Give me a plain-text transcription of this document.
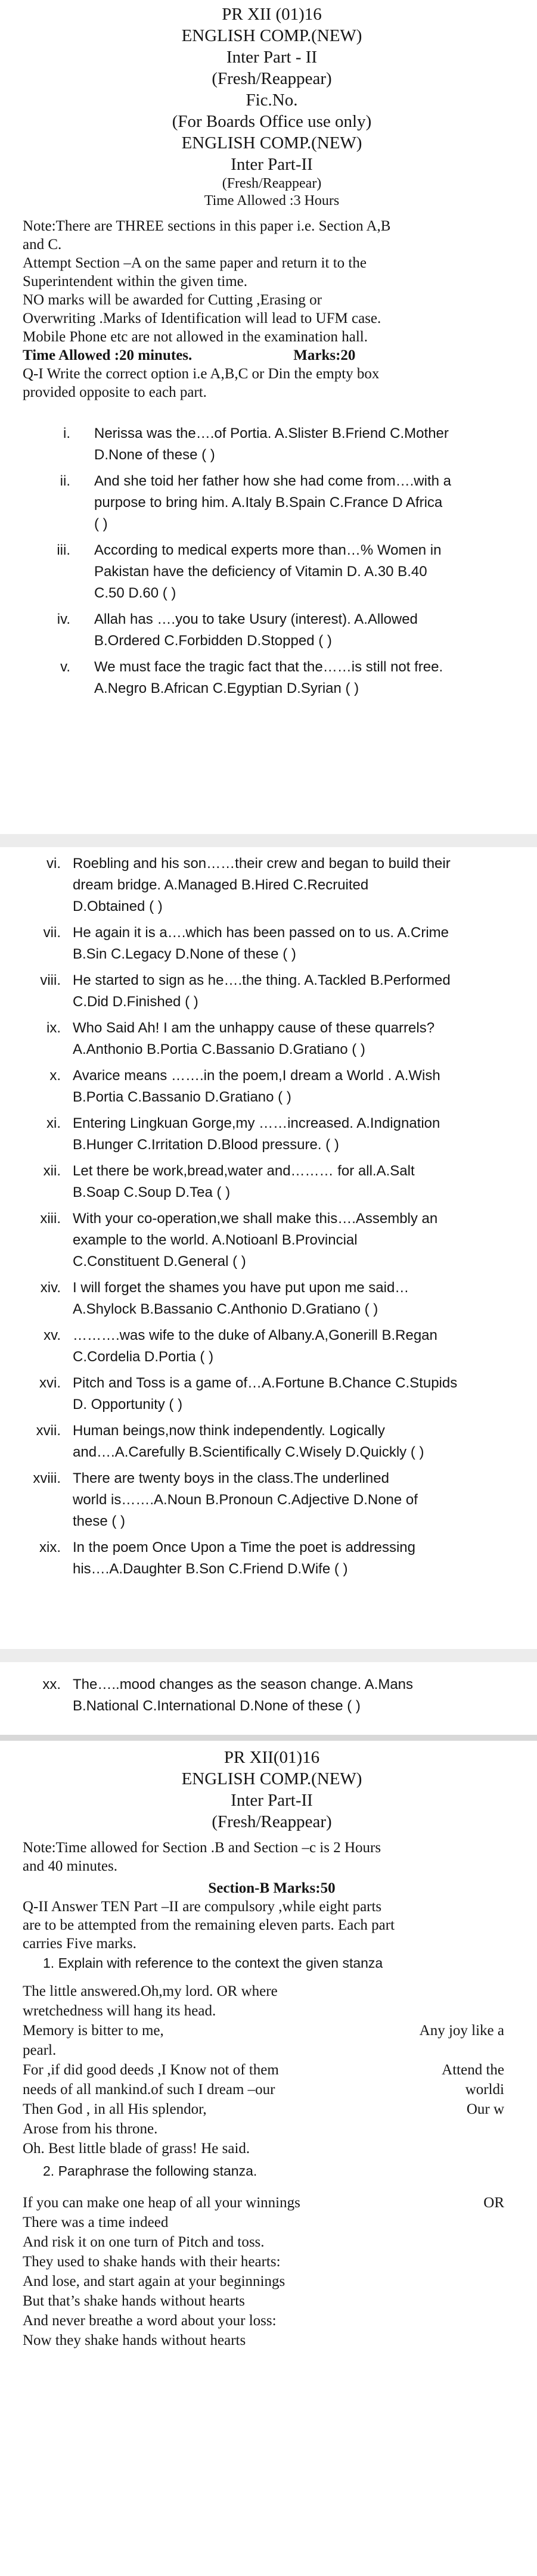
PR XII (01)16
ENGLISH COMP.(NEW)
Inter Part - II
(Fresh/Reappear)
Fic.No.
(For Boards Office use only)
ENGLISH COMP.(NEW)
Inter Part-II
(Fresh/Reappear)
Time Allowed :3 Hours
Note:There are THREE sections in this paper i.e. Section A,B
and C.
Attempt Section –A on the same paper and return it to the
Superintendent within the given time.
NO marks will be awarded for Cutting ,Erasing or
Overwriting .Marks of Identification will lead to UFM case.
Mobile Phone etc are not allowed in the examination hall.
Time Allowed :20 minutes.	Marks:20
Q-I Write the correct option i.e A,B,C or Din the empty box
provided opposite to each part.
i. Nerissa was the….of Portia. A.Slister B.Friend C.Mother
D.None of these ( )
ii. And she toid her father how she had come from….with a
purpose to bring him. A.Italy B.Spain C.France D Africa
( )
iii. According to medical experts more than…% Women in
Pakistan have the deficiency of Vitamin D. A.30 B.40
C.50 D.60 ( )
iv. Allah has ….you to take Usury (interest). A.Allowed
B.Ordered C.Forbidden D.Stopped ( )
v. We must face the tragic fact that the……is still not free.
A.Negro B.African C.Egyptian D.Syrian ( )
vi. Roebling and his son……their crew and began to build their
dream bridge. A.Managed B.Hired C.Recruited
D.Obtained ( )
vii. He again it is a….which has been passed on to us. A.Crime
B.Sin C.Legacy D.None of these ( )
viii. He started to sign as he….the thing. A.Tackled B.Performed
C.Did D.Finished ( )
ix. Who Said Ah! I am the unhappy cause of these quarrels?
A.Anthonio B.Portia C.Bassanio D.Gratiano ( )
x. Avarice means …….in the poem,I dream a World . A.Wish
B.Portia C.Bassanio D.Gratiano ( )
xi. Entering Lingkuan Gorge,my ……increased. A.Indignation
B.Hunger C.Irritation D.Blood pressure. ( )
xii. Let there be work,bread,water and……… for all.A.Salt
B.Soap C.Soup D.Tea ( )
xiii. With your co-operation,we shall make this….Assembly an
example to the world. A.Notioanl B.Provincial
C.Constituent D.General ( )
xiv. I will forget the shames you have put upon me said…
A.Shylock B.Bassanio C.Anthonio D.Gratiano ( )
xv. ……….was wife to the duke of Albany.A,Gonerill B.Regan
C.Cordelia D.Portia ( )
xvi. Pitch and Toss is a game of…A.Fortune B.Chance C.Stupids
D. Opportunity ( )
xvii. Human beings,now think independently. Logically
and….A.Carefully B.Scientifically C.Wisely D.Quickly ( )
xviii. There are twenty boys in the class.The underlined
world is…….A.Noun B.Pronoun C.Adjective D.None of
these ( )
xix. In the poem Once Upon a Time the poet is addressing
his….A.Daughter B.Son C.Friend D.Wife ( )

xx. The…..mood changes as the season change. A.Mans
B.National C.International D.None of these ( )
PR XII(01)16
ENGLISH COMP.(NEW)
Inter Part-II
(Fresh/Reappear)
Note:Time allowed for Section .B and Section –c is 2 Hours
and 40 minutes.
Section-B Marks:50
Q-II Answer TEN Part –II are compulsory ,while eight parts
are to be attempted from the remaining eleven parts. Each part
carries Five marks.
1. Explain with reference to the context the given stanza
The little answered.Oh,my lord. OR where
wretchedness will hang its head.
Any joy like a
Memory is bitter to me,
pearl.
Attend the
For ,if did good deeds ,I Know not of them
worldi
needs of all mankind.of such I dream –our
Our w
Then God , in all His splendor,
Arose from his throne.
Oh. Best little blade of grass! He said.
2. Paraphrase the following stanza.
OR
If you can make one heap of all your winnings
There was a time indeed
And risk it on one turn of Pitch and toss.
They used to shake hands with their hearts:
And lose, and start again at your beginnings
But that’s shake hands without hearts
And never breathe a word about your loss:
Now they shake hands without hearts
